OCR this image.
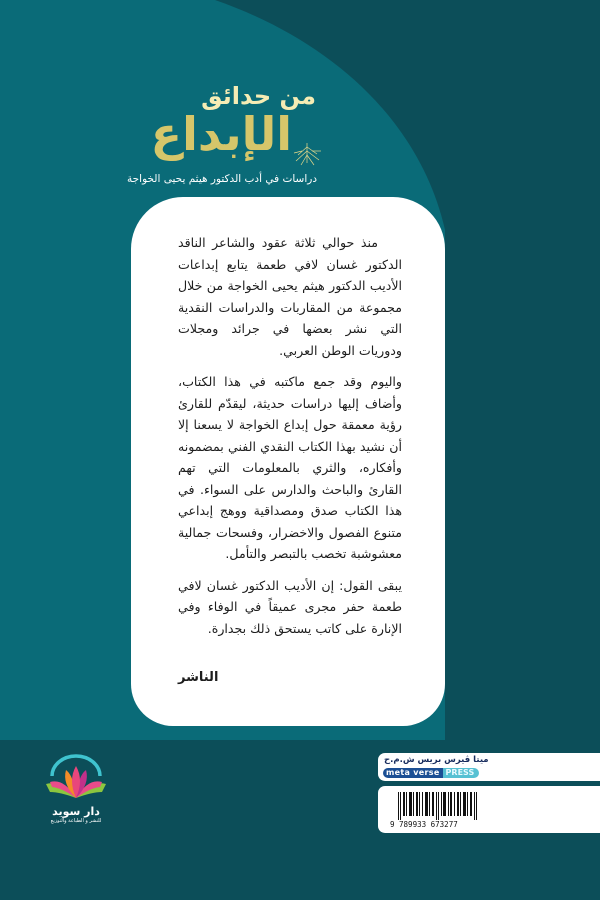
من حدائق
الإبداع
دراسات في أدب الدكتور هيثم يحيى الخواجة

منذ حوالي ثلاثة عقود والشاعر الناقد الدكتور غسان لافي طعمة يتابع إبداعات الأديب الدكتور هيثم يحيى الخواجة من خلال مجموعة من المقاربات والدراسات النقدية التي نشر بعضها في جرائد ومجلات ودوريات الوطن العربي.

واليوم وقد جمع ماكتبه في هذا الكتاب، وأضاف إليها دراسات حديثة، ليقدّم للقارئ رؤية معمقة حول إبداع الخواجة لا يسعنا إلا أن نشيد بهذا الكتاب النقدي الفني بمضمونه وأفكاره، والثري بالمعلومات التي تهم القارئ والباحث والدارس على السواء. في هذا الكتاب صدق ومصداقية ووهج إبداعي متنوع الفصول والاخضرار، وفسحات جمالية معشوشبة تخصب بالتبصر والتأمل.

يبقى القول: إن الأديب الدكتور غسان لافي طعمة حفر مجرى عميقاً في الوفاء وفي الإنارة على كاتب يستحق ذلك بجدارة.

الناشر
دار سويد
للنشر و الطباعة والتوزيع
ميتا ڤيرس بريس ش.م.ح
meta verse PRESS
9 789933 673277
